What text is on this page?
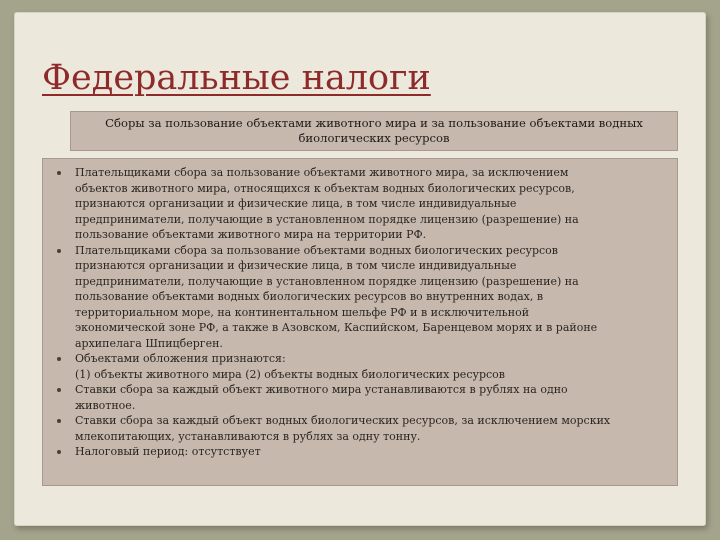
Федеральные налоги
Сборы за пользование объектами животного мира и за пользование объектами водных биологических ресурсов
Плательщиками сбора за пользование объектами животного мира, за исключением
объектов животного мира, относящихся к объектам водных биологических ресурсов,
признаются организации и физические лица, в том числе индивидуальные
предприниматели, получающие в установленном порядке лицензию (разрешение) на
пользование объектами животного мира на территории РФ.
Плательщиками сбора за пользование объектами водных биологических ресурсов
признаются организации и физические лица, в том числе индивидуальные
предприниматели, получающие в установленном порядке лицензию (разрешение) на
пользование объектами водных биологических ресурсов во внутренних водах, в
территориальном море, на континентальном шельфе РФ и в исключительной
экономической зоне РФ, а также в Азовском, Каспийском, Баренцевом морях и в районе
архипелага Шпицберген.
Объектами обложения признаются:
(1) объекты животного мира (2) объекты водных биологических ресурсов
Ставки сбора за каждый объект животного мира устанавливаются в рублях на одно
животное.
Ставки сбора за каждый объект водных биологических ресурсов, за исключением морских
млекопитающих, устанавливаются в рублях за одну тонну.
Налоговый период: отсутствует
